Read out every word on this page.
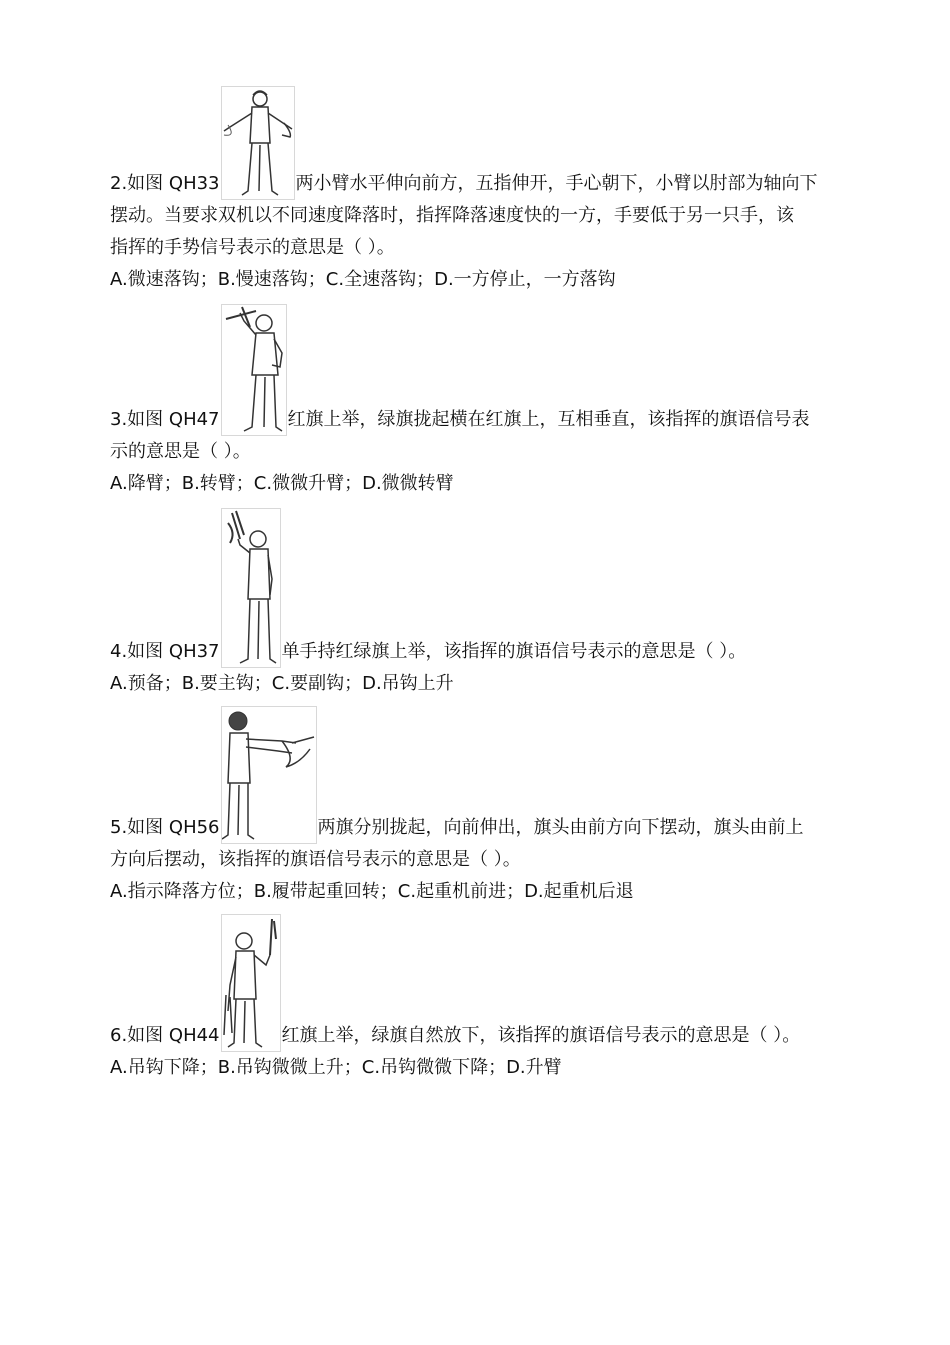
2.如图 QH33	两小臂水平伸向前方，五指伸开，手心朝下，小臂以肘部为轴向下
摆动。当要求双机以不同速度降落时，指挥降落速度快的一方，手要低于另一只手，该
指挥的手势信号表示的意思是（ ）。
A.微速落钩；B.慢速落钩；C.全速落钩；D.一方停止，一方落钩
3.如图 QH47	红旗上举，绿旗拢起横在红旗上，互相垂直，该指挥的旗语信号表
示的意思是（ ）。
A.降臂；B.转臂；C.微微升臂；D.微微转臂
4.如图 QH37	单手持红绿旗上举，该指挥的旗语信号表示的意思是（ ）。
A.预备；B.要主钩；C.要副钩；D.吊钩上升
5.如图 QH56	两旗分别拢起，向前伸出，旗头由前方向下摆动，旗头由前上
方向后摆动，该指挥的旗语信号表示的意思是（ ）。
A.指示降落方位；B.履带起重回转；C.起重机前进；D.起重机后退
6.如图 QH44	红旗上举，绿旗自然放下，该指挥的旗语信号表示的意思是（ ）。
A.吊钩下降；B.吊钩微微上升；C.吊钩微微下降；D.升臂
